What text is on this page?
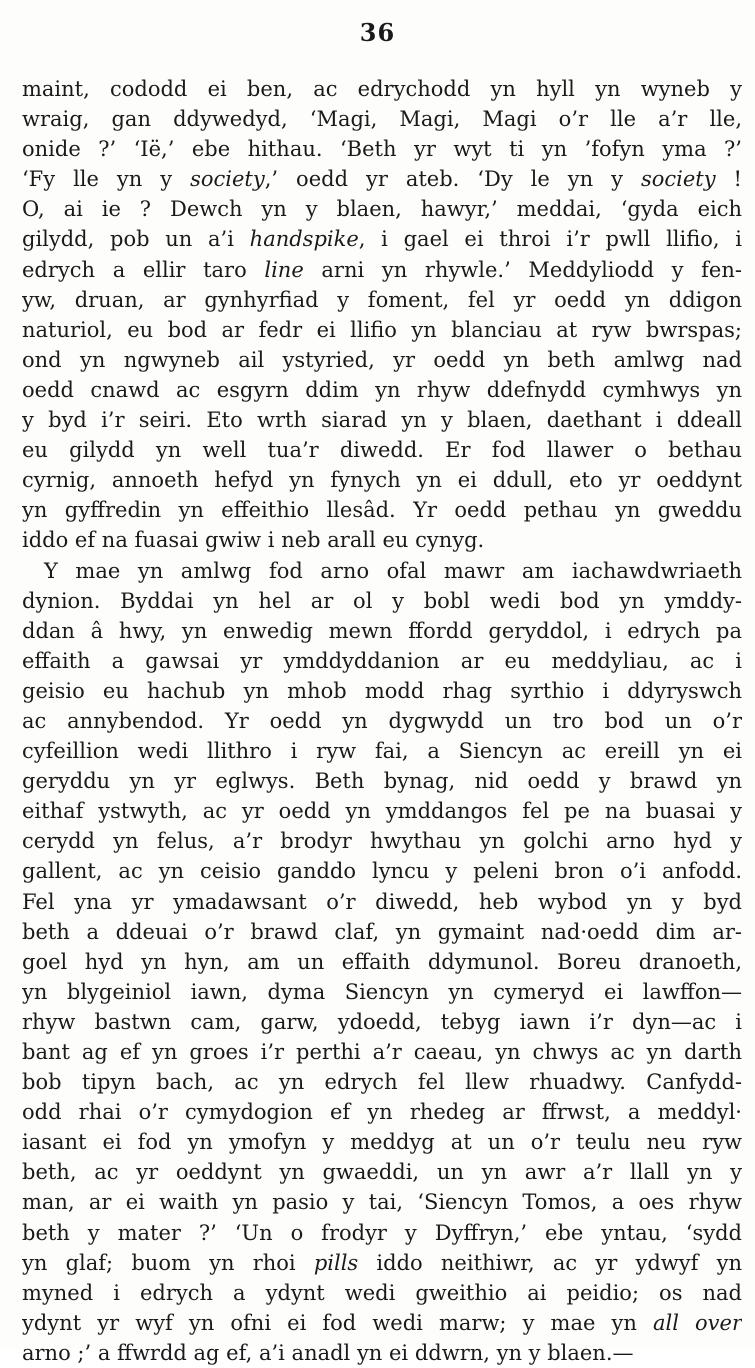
36
maint, cododd ei ben, ac edrychodd yn hyll yn wyneb y
wraig, gan ddywedyd, ‘Magi, Magi, Magi o’r lle a’r lle,
onide ?’ ‘Ië,’ ebe hithau. ‘Beth yr wyt ti yn ’fofyn yma ?’
‘Fy lle yn y society,’ oedd yr ateb. ‘Dy le yn y society !
O, ai ie ? Dewch yn y blaen, hawyr,’ meddai, ‘gyda eich
gilydd, pob un a’i handspike, i gael ei throi i’r pwll llifio, i
edrych a ellir taro line arni yn rhywle.’ Meddyliodd y fen-
yw, druan, ar gynhyrfiad y foment, fel yr oedd yn ddigon
naturiol, eu bod ar fedr ei llifio yn blanciau at ryw bwrspas;
ond yn ngwyneb ail ystyried, yr oedd yn beth amlwg nad
oedd cnawd ac esgyrn ddim yn rhyw ddefnydd cymhwys yn
y byd i’r seiri. Eto wrth siarad yn y blaen, daethant i ddeall
eu gilydd yn well tua’r diwedd. Er fod llawer o bethau
cyrnig, annoeth hefyd yn fynych yn ei ddull, eto yr oeddynt
yn gyffredin yn effeithio llesâd. Yr oedd pethau yn gweddu
iddo ef na fuasai gwiw i neb arall eu cynyg.
Y mae yn amlwg fod arno ofal mawr am iachawdwriaeth
dynion. Byddai yn hel ar ol y bobl wedi bod yn ymddy-
ddan â hwy, yn enwedig mewn ffordd geryddol, i edrych pa
effaith a gawsai yr ymddyddanion ar eu meddyliau, ac i
geisio eu hachub yn mhob modd rhag syrthio i ddyryswch
ac annybendod. Yr oedd yn dygwydd un tro bod un o’r
cyfeillion wedi llithro i ryw fai, a Siencyn ac ereill yn ei
geryddu yn yr eglwys. Beth bynag, nid oedd y brawd yn
eithaf ystwyth, ac yr oedd yn ymddangos fel pe na buasai y
cerydd yn felus, a’r brodyr hwythau yn golchi arno hyd y
gallent, ac yn ceisio ganddo lyncu y peleni bron o’i anfodd.
Fel yna yr ymadawsant o’r diwedd, heb wybod yn y byd
beth a ddeuai o’r brawd claf, yn gymaint nad·oedd dim ar-
goel hyd yn hyn, am un effaith ddymunol. Boreu dranoeth,
yn blygeiniol iawn, dyma Siencyn yn cymeryd ei lawffon—
rhyw bastwn cam, garw, ydoedd, tebyg iawn i’r dyn—ac i
bant ag ef yn groes i’r perthi a’r caeau, yn chwys ac yn darth
bob tipyn bach, ac yn edrych fel llew rhuadwy. Canfydd-
odd rhai o’r cymydogion ef yn rhedeg ar ffrwst, a meddyl·
iasant ei fod yn ymofyn y meddyg at un o’r teulu neu ryw
beth, ac yr oeddynt yn gwaeddi, un yn awr a’r llall yn y
man, ar ei waith yn pasio y tai, ‘Siencyn Tomos, a oes rhyw
beth y mater ?’ ‘Un o frodyr y Dyffryn,’ ebe yntau, ‘sydd
yn glaf; buom yn rhoi pills iddo neithiwr, ac yr ydwyf yn
myned i edrych a ydynt wedi gweithio ai peidio; os nad
ydynt yr wyf yn ofni ei fod wedi marw; y mae yn all over
arno ;’ a ffwrdd ag ef, a’i anadl yn ei ddwrn, yn y blaen.—
